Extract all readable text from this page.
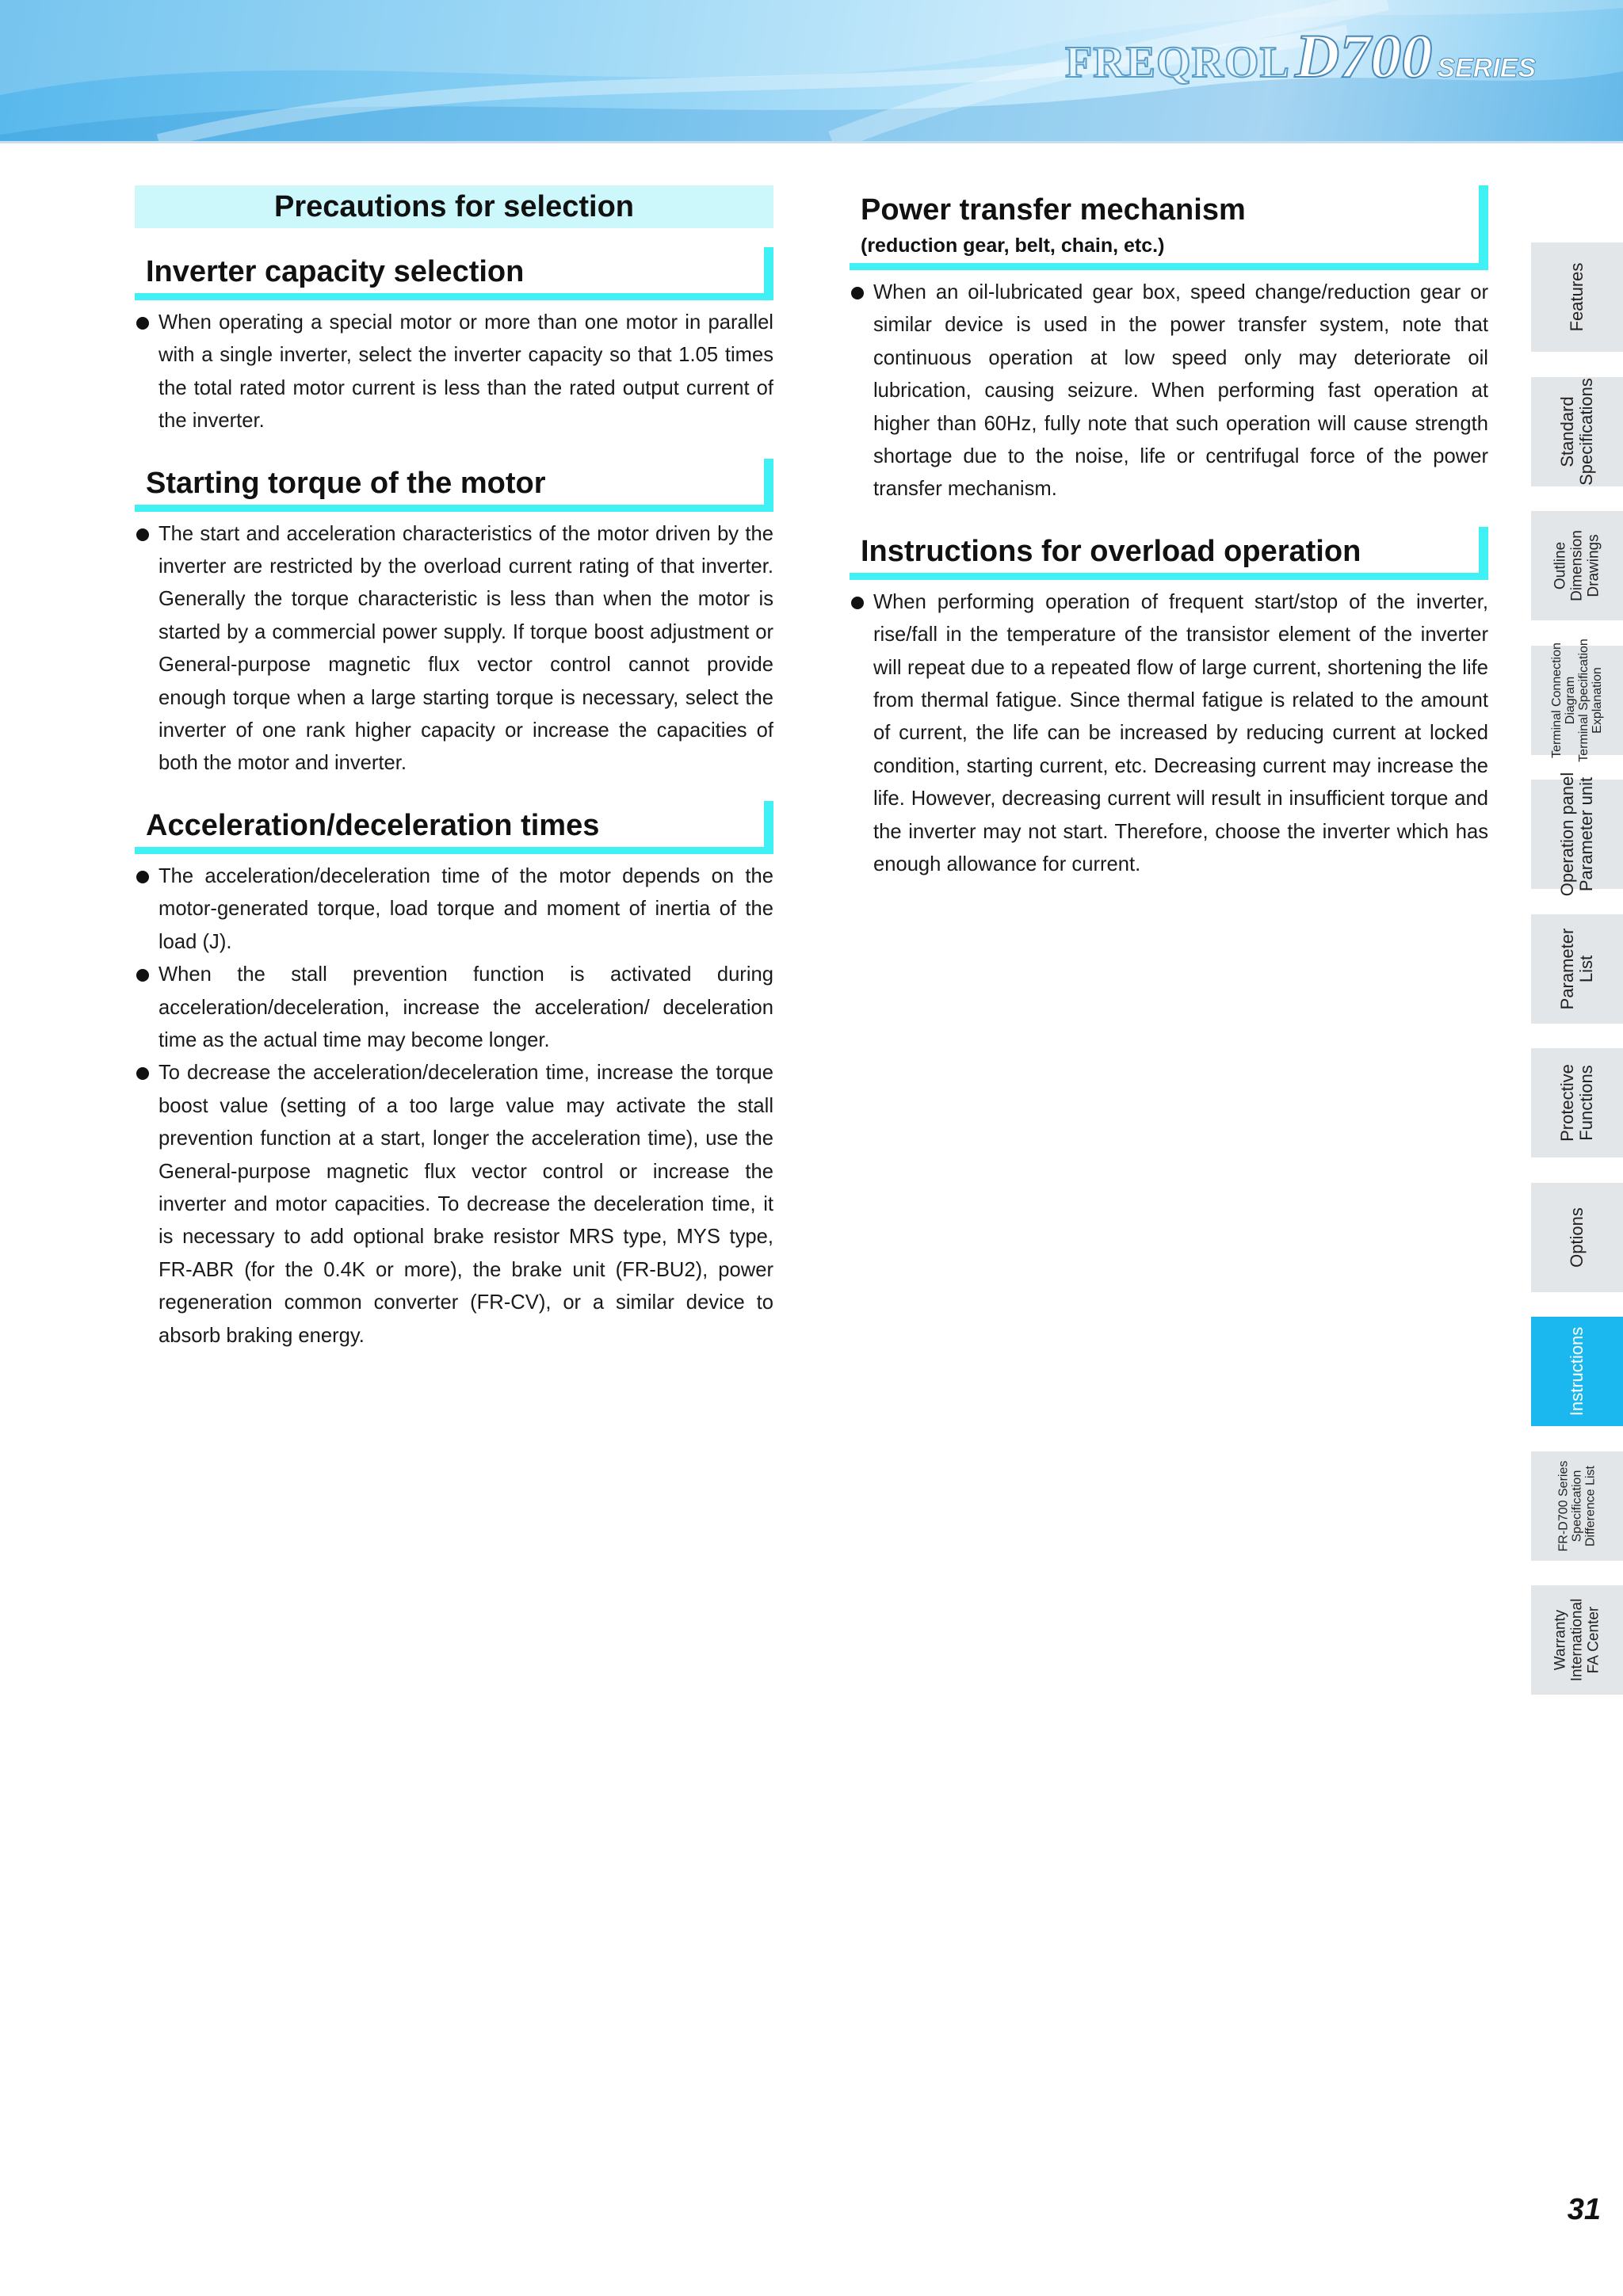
FREQROLD700 SERIES
Precautions for selection
Inverter capacity selection
When operating a special motor or more than one motor in parallel with a single inverter, select the inverter capacity so that 1.05 times the total rated motor current is less than the rated output current of the inverter.
Starting torque of the motor
The start and acceleration characteristics of the motor driven by the inverter are restricted by the overload current rating of that inverter. Generally the torque characteristic is less than when the motor is started by a commercial power supply. If torque boost adjustment or General-purpose magnetic flux vector control cannot provide enough torque when a large starting torque is necessary, select the inverter of one rank higher capacity or increase the capacities of both the motor and inverter.
Acceleration/deceleration times
The acceleration/deceleration time of the motor depends on the motor-generated torque, load torque and moment of inertia of the load (J).
When the stall prevention function is activated during acceleration/deceleration, increase the acceleration/ deceleration time as the actual time may become longer.
To decrease the acceleration/deceleration time, increase the torque boost value (setting of a too large value may activate the stall prevention function at a start, longer the acceleration time), use the General-purpose magnetic flux vector control or increase the inverter and motor capacities. To decrease the deceleration time, it is necessary to add optional brake resistor MRS type, MYS type, FR-ABR (for the 0.4K or more), the brake unit (FR-BU2), power regeneration common converter (FR-CV), or a similar device to absorb braking energy.
Power transfer mechanism
(reduction gear, belt, chain, etc.)
When an oil-lubricated gear box, speed change/reduction gear or similar device is used in the power transfer system, note that continuous operation at low speed only may deteriorate oil lubrication, causing seizure. When performing fast operation at higher than 60Hz, fully note that such operation will cause strength shortage due to the noise, life or centrifugal force of the power transfer mechanism.
Instructions for overload operation
When performing operation of frequent start/stop of the inverter, rise/fall in the temperature of the transistor element of the inverter will repeat due to a repeated flow of large current, shortening the life from thermal fatigue. Since thermal fatigue is related to the amount of current, the life can be increased by reducing current at locked condition, starting current, etc. Decreasing current may increase the life. However, decreasing current will result in insufficient torque and the inverter may not start. Therefore, choose the inverter which has enough allowance for current.
Features
Standard
Specifications
Outline
Dimension
Drawings
Terminal Connection
Diagram
Terminal Specification
Explanation
Operation panel
Parameter unit
Parameter
List
Protective
Functions
Options
Instructions
FR-D700 Series
Specification
Difference List
Warranty
International
FA Center
31
